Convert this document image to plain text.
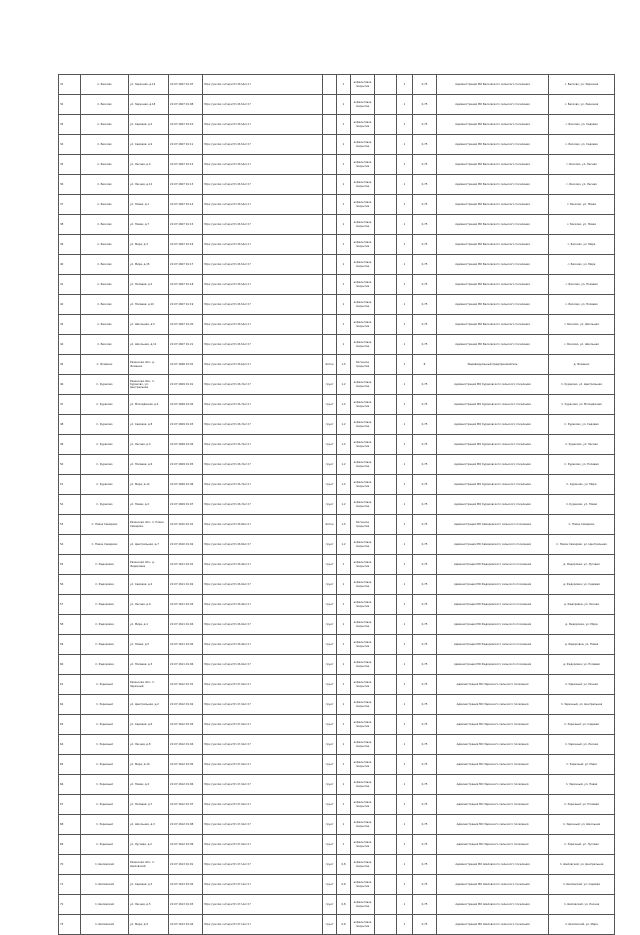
31	п. Басково	ул. Заречная, д.14	21:07:1607 01:07	https://yandex.ru/maps/?ll=46.5&z=17		1	асфальтовое покрытие		1	0,75	Администрация МО Басковского сельского поселения	с. Басково, ул. Заречная
32	п. Басково	ул. Заречная, д.18	21:07:1607 01:08	https://yandex.ru/maps/?ll=46.5&z=17		1	асфальтовое покрытие		1	0,75	Администрация МО Басковского сельского поселения	с. Басково, ул. Заречная
33	п. Басково	ул. Садовая, д.2	21:07:1607 01:10	https://yandex.ru/maps/?ll=46.5&z=17		1	асфальтовое покрытие		1	0,75	Администрация МО Басковского сельского поселения	с. Басково, ул. Садовая
34	п. Басково	ул. Садовая, д.9	21:07:1607 01:11	https://yandex.ru/maps/?ll=46.5&z=17		1	асфальтовое покрытие		1	0,75	Администрация МО Басковского сельского поселения	с. Басково, ул. Садовая
35	п. Басково	ул. Лесная, д.4	21:07:1607 01:12	https://yandex.ru/maps/?ll=46.5&z=17		1	асфальтовое покрытие		1	0,75	Администрация МО Басковского сельского поселения	с. Басково, ул. Лесная
36	п. Басково	ул. Лесная, д.12	21:07:1607 01:13	https://yandex.ru/maps/?ll=46.5&z=17		1	асфальтовое покрытие		1	0,75	Администрация МО Басковского сельского поселения	с. Басково, ул. Лесная
37	п. Басково	ул. Новая, д.1	21:07:1607 01:14	https://yandex.ru/maps/?ll=46.5&z=17		1	асфальтовое покрытие		1	0,75	Администрация МО Басковского сельского поселения	с. Басково, ул. Новая
38	п. Басково	ул. Новая, д.7	21:07:1607 01:15	https://yandex.ru/maps/?ll=46.5&z=17		1	асфальтовое покрытие		1	0,75	Администрация МО Басковского сельского поселения	с. Басково, ул. Новая
39	п. Басково	ул. Мира, д.3	21:07:1607 01:16	https://yandex.ru/maps/?ll=46.5&z=17		1	асфальтовое покрытие		1	0,75	Администрация МО Басковского сельского поселения	с. Басково, ул. Мира
40	п. Басково	ул. Мира, д.15	21:07:1607 01:17	https://yandex.ru/maps/?ll=46.5&z=17		1	асфальтовое покрытие		1	0,75	Администрация МО Басковского сельского поселения	с. Басково, ул. Мира
41	п. Басково	ул. Полевая, д.2	21:07:1607 01:18	https://yandex.ru/maps/?ll=46.5&z=17		1	асфальтовое покрытие		1	0,75	Администрация МО Басковского сельского поселения	с. Басково, ул. Полевая
42	п. Басково	ул. Полевая, д.10	21:07:1607 01:19	https://yandex.ru/maps/?ll=46.5&z=17		1	асфальтовое покрытие		1	0,75	Администрация МО Басковского сельского поселения	с. Басково, ул. Полевая
43	п. Басково	ул. Школьная, д.5	21:07:1607 01:20	https://yandex.ru/maps/?ll=46.5&z=17		1	асфальтовое покрытие		1	0,75	Администрация МО Басковского сельского поселения	с. Басково, ул. Школьная
44	п. Басково	ул. Школьная, д.11	21:07:1607 01:21	https://yandex.ru/maps/?ll=46.5&z=17		1	асфальтовое покрытие		1	0,75	Администрация МО Басковского сельского поселения	с. Басково, ул. Школьная
45	п. Фоменки	Рязанская обл., д. Фоменки	21:07:1608 01:01	https://yandex.ru/maps/?ll=46.6&z=17	бетон	1,5	бетонное покрытие		1	8	Индивидуальный предприниматель	д. Фоменки
46	п. Кураково	Рязанская обл., п. Кураково, ул. Центральная	21:07:1609 01:01	https://yandex.ru/maps/?ll=46.7&z=17	грунт	1,2	асфальтовое покрытие		1	0,75	Администрация МО Кураковского сельского поселения	п. Кураково, ул. Центральная
47	п. Кураково	ул. Молодёжная, д.4	21:07:1609 01:02	https://yandex.ru/maps/?ll=46.7&z=17	грунт	1,2	асфальтовое покрытие		1	0,75	Администрация МО Кураковского сельского поселения	п. Кураково, ул. Молодёжная
48	п. Кураково	ул. Садовая, д.8	21:07:1609 01:03	https://yandex.ru/maps/?ll=46.7&z=17	грунт	1,2	асфальтовое покрытие		1	0,75	Администрация МО Кураковского сельского поселения	п. Кураково, ул. Садовая
49	п. Кураково	ул. Лесная, д.3	21:07:1609 01:04	https://yandex.ru/maps/?ll=46.7&z=17	грунт	1,2	асфальтовое покрытие		1	0,75	Администрация МО Кураковского сельского поселения	п. Кураково, ул. Лесная
50	п. Кураково	ул. Полевая, д.6	21:07:1609 01:05	https://yandex.ru/maps/?ll=46.7&z=17	грунт	1,2	асфальтовое покрытие		1	0,75	Администрация МО Кураковского сельского поселения	п. Кураково, ул. Полевая
51	п. Кураково	ул. Мира, д.12	21:07:1609 01:06	https://yandex.ru/maps/?ll=46.7&z=17	грунт	1,2	асфальтовое покрытие		1	0,75	Администрация МО Кураковского сельского поселения	п. Кураково, ул. Мира
52	п. Кураково	ул. Новая, д.2	21:07:1609 01:07	https://yandex.ru/maps/?ll=46.7&z=17	грунт	1,2	асфальтовое покрытие		1	0,75	Администрация МО Кураковского сельского поселения	п. Кураково, ул. Новая
53	п. Новое Самарово	Рязанская обл., п. Новое Самарово	21:07:1610 01:01	https://yandex.ru/maps/?ll=46.8&z=17	бетон	1,5	бетонное покрытие		1	0,75	Администрация МО Самаровского сельского поселения	п. Новое Самарово
54	п. Новое Самарово	ул. Центральная, д.7	21:07:1610 01:02	https://yandex.ru/maps/?ll=46.8&z=17	грунт	1,2	асфальтовое покрытие		1	0,75	Администрация МО Самаровского сельского поселения	п. Новое Самарово, ул. Центральная
55	п. Федоровка	Рязанская обл., д. Федоровка	21:07:1611 01:01	https://yandex.ru/maps/?ll=46.9&z=17	грунт	1	асфальтовое покрытие		1	0,75	Администрация МО Федоровского сельского поселения	д. Федоровка, ул. Луговая
56	п. Федоровка	ул. Садовая, д.4	21:07:1611 01:02	https://yandex.ru/maps/?ll=46.9&z=17	грунт	1	асфальтовое покрытие		1	0,75	Администрация МО Федоровского сельского поселения	д. Федоровка, ул. Садовая
57	п. Федоровка	ул. Лесная, д.9	21:07:1611 01:03	https://yandex.ru/maps/?ll=46.9&z=17	грунт	1	асфальтовое покрытие		1	0,75	Администрация МО Федоровского сельского поселения	д. Федоровка, ул. Лесная
58	п. Федоровка	ул. Мира, д.1	21:07:1611 01:04	https://yandex.ru/maps/?ll=46.9&z=17	грунт	1	асфальтовое покрытие		1	0,75	Администрация МО Федоровского сельского поселения	д. Федоровка, ул. Мира
59	п. Федоровка	ул. Новая, д.5	21:07:1611 01:05	https://yandex.ru/maps/?ll=46.9&z=17	грунт	1	асфальтовое покрытие		1	0,75	Администрация МО Федоровского сельского поселения	д. Федоровка, ул. Новая
60	п. Федоровка	ул. Полевая, д.3	21:07:1611 01:06	https://yandex.ru/maps/?ll=46.9&z=17	грунт	1	асфальтовое покрытие		1	0,75	Администрация МО Федоровского сельского поселения	д. Федоровка, ул. Полевая
61	п. Заречный	Рязанская обл., п. Заречный	21:07:1612 01:01	https://yandex.ru/maps/?ll=47.0&z=17	грунт	1	асфальтовое покрытие		1	0,75	Администрация МО Заречного сельского поселения	п. Заречный, ул. Речная
62	п. Заречный	ул. Центральная, д.2	21:07:1612 01:02	https://yandex.ru/maps/?ll=47.0&z=17	грунт	1	асфальтовое покрытие		1	0,75	Администрация МО Заречного сельского поселения	п. Заречный, ул. Центральная
63	п. Заречный	ул. Садовая, д.6	21:07:1612 01:03	https://yandex.ru/maps/?ll=47.0&z=17	грунт	1	асфальтовое покрытие		1	0,75	Администрация МО Заречного сельского поселения	п. Заречный, ул. Садовая
64	п. Заречный	ул. Лесная, д.8	21:07:1612 01:04	https://yandex.ru/maps/?ll=47.0&z=17	грунт	1	асфальтовое покрытие		1	0,75	Администрация МО Заречного сельского поселения	п. Заречный, ул. Лесная
65	п. Заречный	ул. Мира, д.10	21:07:1612 01:05	https://yandex.ru/maps/?ll=47.0&z=17	грунт	1	асфальтовое покрытие		1	0,75	Администрация МО Заречного сельского поселения	п. Заречный, ул. Мира
66	п. Заречный	ул. Новая, д.4	21:07:1612 01:06	https://yandex.ru/maps/?ll=47.0&z=17	грунт	1	асфальтовое покрытие		1	0,75	Администрация МО Заречного сельского поселения	п. Заречный, ул. Новая
67	п. Заречный	ул. Полевая, д.7	21:07:1612 01:07	https://yandex.ru/maps/?ll=47.0&z=17	грунт	1	асфальтовое покрытие		1	0,75	Администрация МО Заречного сельского поселения	п. Заречный, ул. Полевая
68	п. Заречный	ул. Школьная, д.3	21:07:1612 01:08	https://yandex.ru/maps/?ll=47.0&z=17	грунт	1	асфальтовое покрытие		1	0,75	Администрация МО Заречного сельского поселения	п. Заречный, ул. Школьная
69	п. Заречный	ул. Луговая, д.2	21:07:1612 01:09	https://yandex.ru/maps/?ll=47.0&z=17	грунт	1	асфальтовое покрытие		1	0,75	Администрация МО Заречного сельского поселения	п. Заречный, ул. Луговая
70	п. Шиловский	Рязанская обл., п. Шиловский	21:07:1613 01:01	https://yandex.ru/maps/?ll=47.1&z=17	грунт	0,8	асфальтовое покрытие		1	0,75	Администрация МО Шиловского сельского поселения	п. Шиловский, ул. Центральная
71	п. Шиловский	ул. Садовая, д.3	21:07:1613 01:02	https://yandex.ru/maps/?ll=47.1&z=17	грунт	0,8	асфальтовое покрытие		1	0,75	Администрация МО Шиловского сельского поселения	п. Шиловский, ул. Садовая
72	п. Шиловский	ул. Лесная, д.5	21:07:1613 01:03	https://yandex.ru/maps/?ll=47.1&z=17	грунт	0,8	асфальтовое покрытие		1	0,75	Администрация МО Шиловского сельского поселения	п. Шиловский, ул. Лесная
73	п. Шиловский	ул. Мира, д.9	21:07:1613 01:04	https://yandex.ru/maps/?ll=47.1&z=17	грунт	0,8	асфальтовое покрытие		1	0,75	Администрация МО Шиловского сельского поселения	п. Шиловский, ул. Мира
